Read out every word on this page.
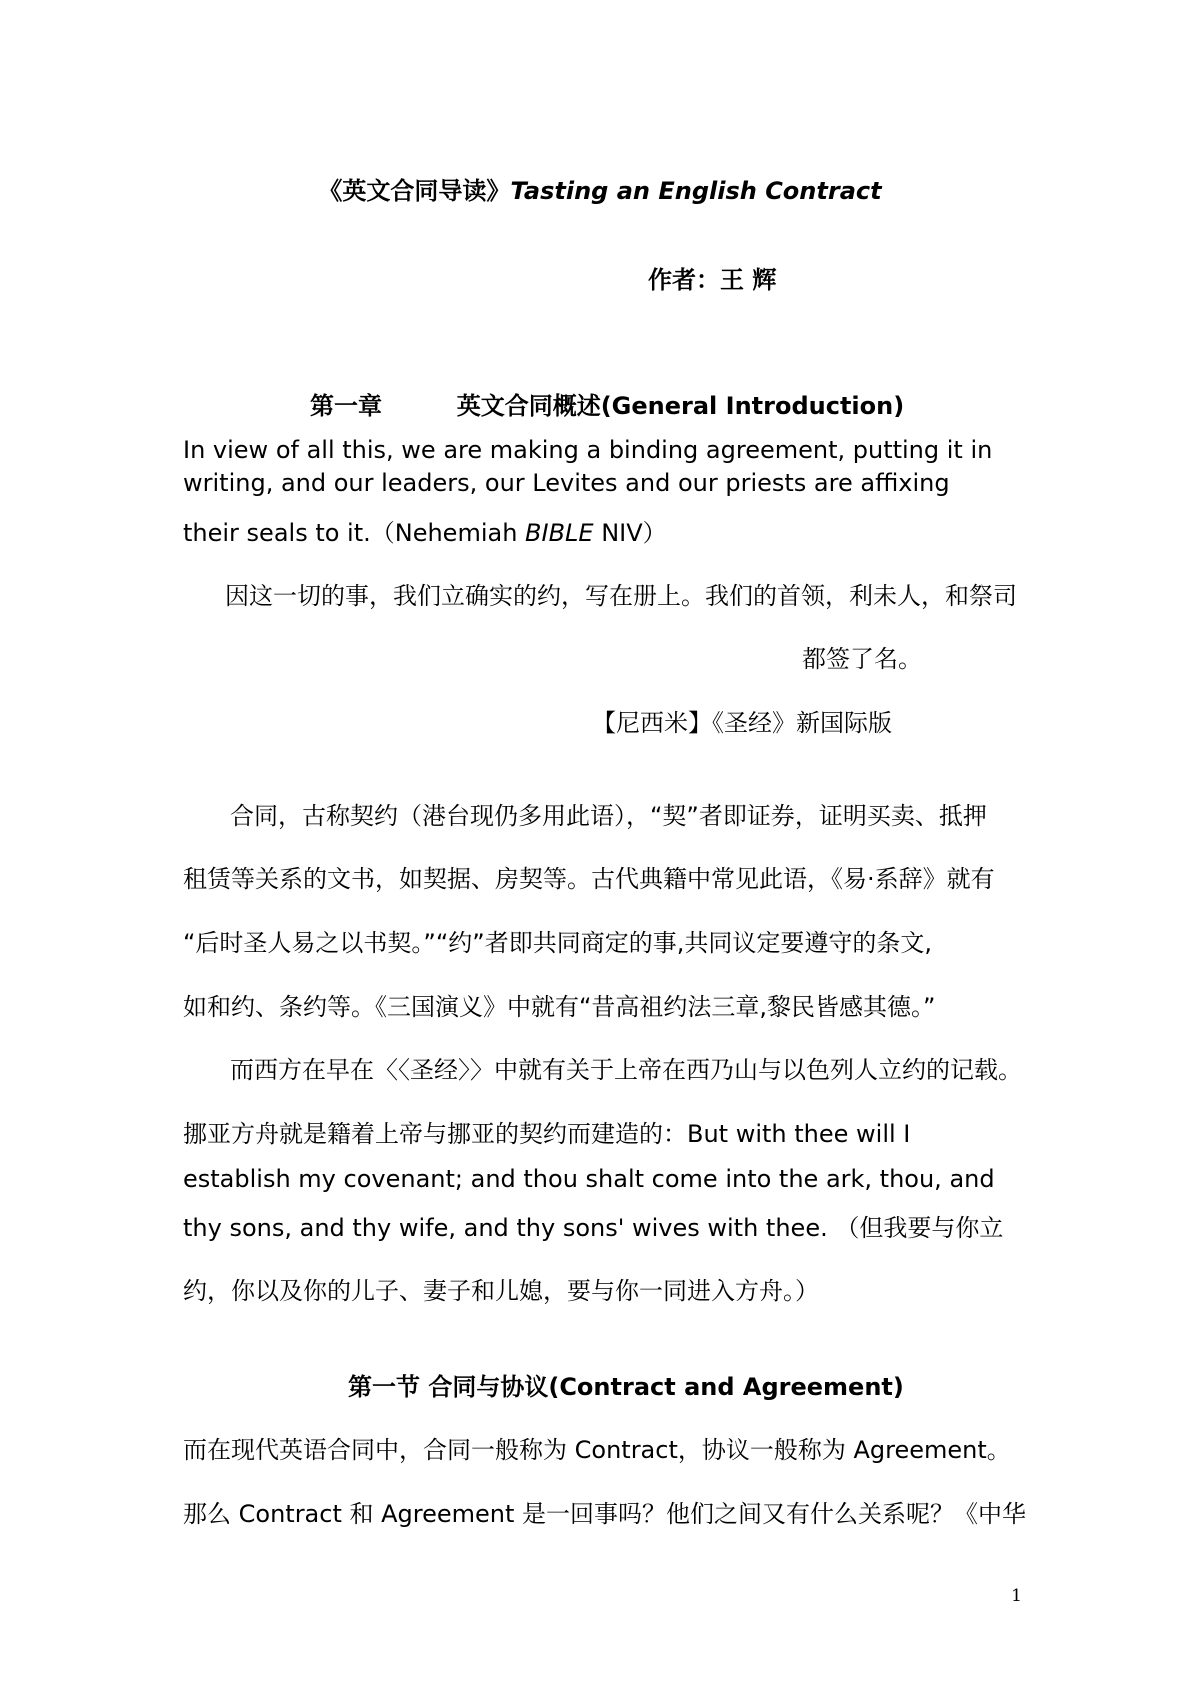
《英文合同导读》Tasting an English Contract
作者：王 辉
第一章	英文合同概述(General Introduction)
In view of all this, we are making a binding agreement, putting it in
writing, and our leaders, our Levites and our priests are affixing
their seals to it.（Nehemiah BIBLE NIV）
因这一切的事，我们立确实的约，写在册上。我们的首领，利未人，和祭司
都签了名。
【尼西米】《圣经》新国际版
合同，古称契约（港台现仍多用此语），“契”者即证券，证明买卖、抵押
租赁等关系的文书，如契据、房契等。古代典籍中常见此语，《易·系辞》就有
“后时圣人易之以书契。”“约”者即共同商定的事,共同议定要遵守的条文,
如和约、条约等。《三国演义》中就有“昔高祖约法三章,黎民皆感其德。”
而西方在早在〈〈圣经〉〉中就有关于上帝在西乃山与以色列人立约的记载。
挪亚方舟就是籍着上帝与挪亚的契约而建造的：But with thee will I
establish my covenant; and thou shalt come into the ark, thou, and
thy sons, and thy wife, and thy sons' wives with thee. （但我要与你立
约，你以及你的儿子、妻子和儿媳，要与你一同进入方舟。）
第一节 合同与协议(Contract and Agreement)
而在现代英语合同中，合同一般称为 Contract，协议一般称为 Agreement。
那么 Contract 和 Agreement 是一回事吗？他们之间又有什么关系呢？《中华
1
